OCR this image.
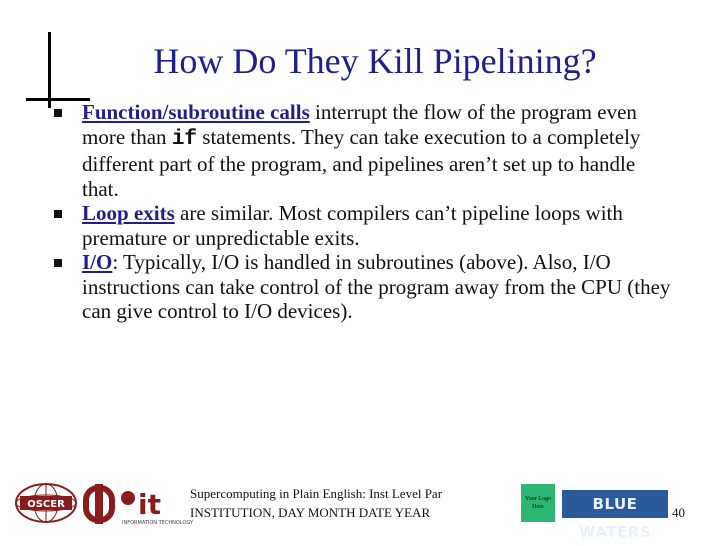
How Do They Kill Pipelining?
Function/subroutine calls interrupt the flow of the program even more than if statements. They can take execution to a completely different part of the program, and pipelines aren’t set up to handle that.
Loop exits are similar. Most compilers can’t pipeline loops with premature or unpredictable exits.
I/O: Typically, I/O is handled in subroutines (above). Also, I/O instructions can take control of the program away from the CPU (they can give control to I/O devices).
OSCER	it
INFORMATION TECHNOLOGY
Supercomputing in Plain English: Inst Level Par
INSTITUTION, DAY MONTH DATE YEAR
Your Logo Here	BLUE WATERS
40
